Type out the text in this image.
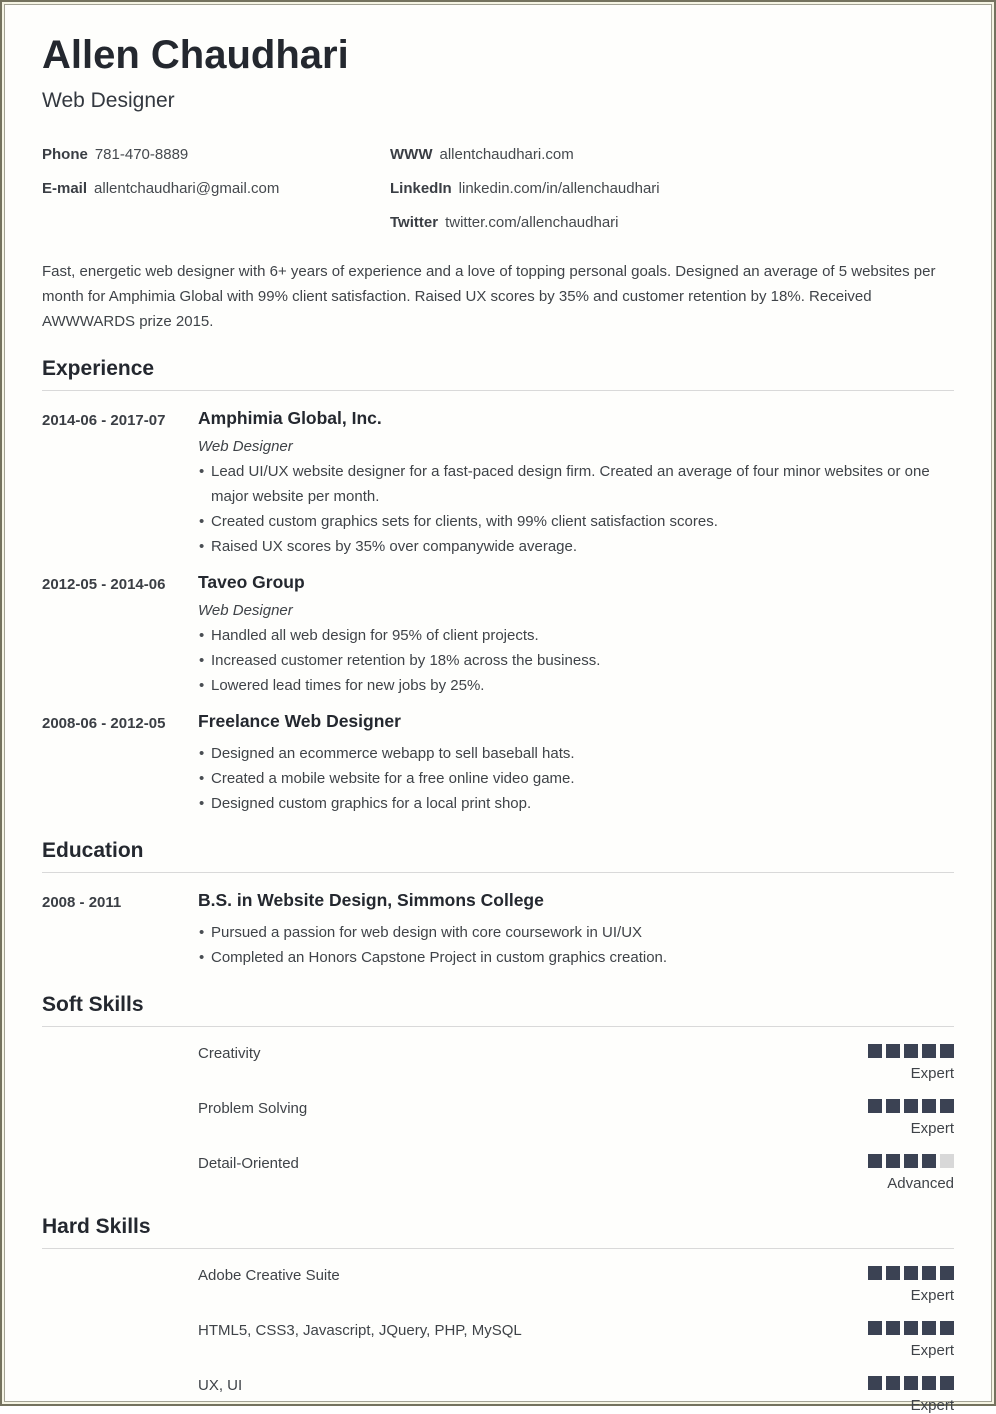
Allen Chaudhari
Web Designer
Phone 781-470-8889
E-mail allentchaudhari@gmail.com
WWW allentchaudhari.com
LinkedIn linkedin.com/in/allenchaudhari
Twitter twitter.com/allenchaudhari

Fast, energetic web designer with 6+ years of experience and a love of topping personal goals. Designed an average of 5 websites per month for Amphimia Global with 99% client satisfaction. Raised UX scores by 35% and customer retention by 18%. Received AWWWARDS prize 2015.

Experience
2014-06 - 2017-07	Amphimia Global, Inc.
Web Designer
• Lead UI/UX website designer for a fast-paced design firm. Created an average of four minor websites or one major website per month.
• Created custom graphics sets for clients, with 99% client satisfaction scores.
• Raised UX scores by 35% over companywide average.
2012-05 - 2014-06	Taveo Group
Web Designer
• Handled all web design for 95% of client projects.
• Increased customer retention by 18% across the business.
• Lowered lead times for new jobs by 25%.
2008-06 - 2012-05	Freelance Web Designer
• Designed an ecommerce webapp to sell baseball hats.
• Created a mobile website for a free online video game.
• Designed custom graphics for a local print shop.
Education
2008 - 2011	B.S. in Website Design, Simmons College
• Pursued a passion for web design with core coursework in UI/UX
• Completed an Honors Capstone Project in custom graphics creation.
Soft Skills
Creativity
Expert
Problem Solving
Expert
Detail-Oriented
Advanced
Hard Skills
Adobe Creative Suite
Expert
HTML5, CSS3, Javascript, JQuery, PHP, MySQL
Expert
UX, UI
Expert
